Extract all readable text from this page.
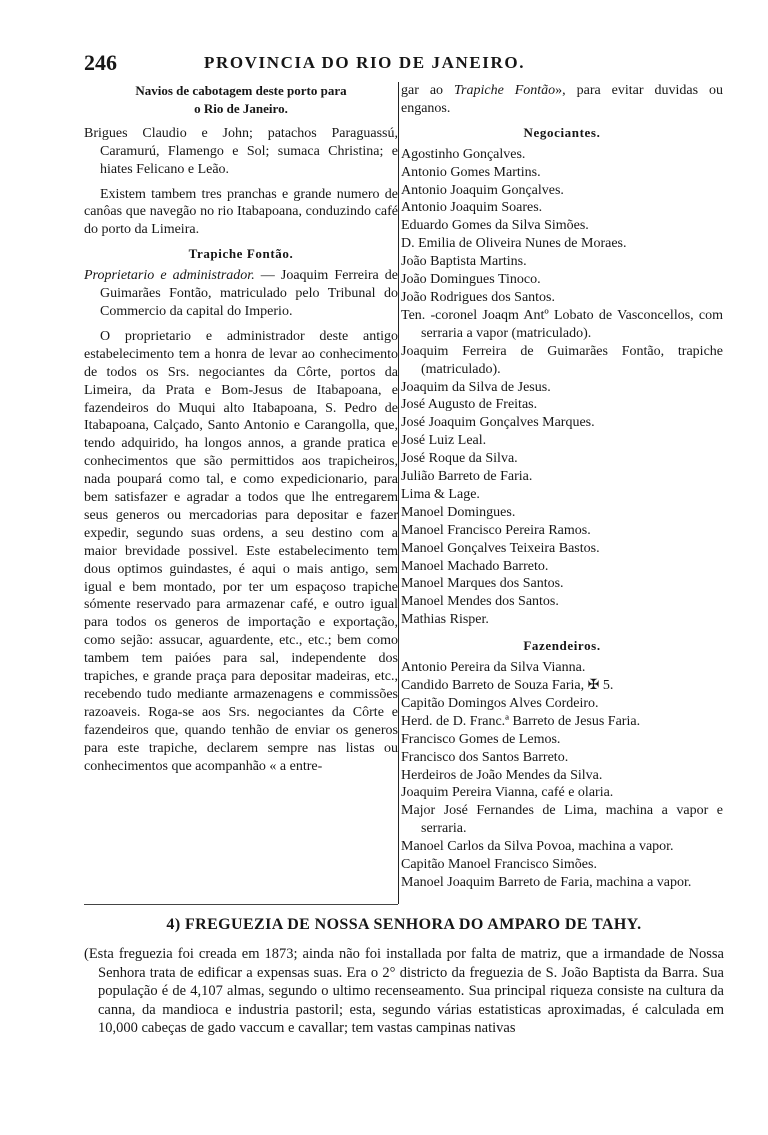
246	PROVINCIA DO RIO DE JANEIRO.
Navios de cabotagem deste porto para
o Rio de Janeiro.

Brigues Claudio e John; patachos Paraguassú, Caramurú, Flamengo e Sol; sumaca Christina; e hiates Felicano e Leão.

Existem tambem tres pranchas e grande numero de canôas que navegão no rio Itabapoana, conduzindo café do porto da Limeira.

Trapiche Fontão.

Proprietario e administrador. — Joaquim Ferreira de Guimarães Fontão, matriculado pelo Tribunal do Commercio da capital do Imperio.

O proprietario e administrador deste antigo estabelecimento tem a honra de levar ao conhecimento de todos os Srs. negociantes da Côrte, portos da Limeira, da Prata e Bom-Jesus de Itabapoana, e fazendeiros do Muqui alto Itabapoana, S. Pedro de Itabapoana, Calçado, Santo Antonio e Carangolla, que, tendo adquirido, ha longos annos, a grande pratica e conhecimentos que são permittidos aos trapicheiros, nada poupará como tal, e como expedicionario, para bem satisfazer e agradar a todos que lhe entregarem seus generos ou mercadorias para depositar e fazer expedir, segundo suas ordens, a seu destino com a maior brevidade possivel. Este estabelecimento tem dous optimos guindastes, é aqui o mais antigo, sem igual e bem montado, por ter um espaçoso trapiche sómente reservado para armazenar café, e outro igual para todos os generos de importação e exportação, como sejão: assucar, aguardente, etc., etc.; bem como tambem tem paióes para sal, independente dos trapiches, e grande praça para depositar madeiras, etc., recebendo tudo mediante armazenagens e commissões razoaveis. Roga-se aos Srs. negociantes da Côrte e fazendeiros que, quando tenhão de enviar os generos para este trapiche, declarem sempre nas listas ou conhecimentos que acompanhão « a entre-

gar ao Trapiche Fontão», para evitar duvidas ou enganos.

Negociantes.
Agostinho Gonçalves.
Antonio Gomes Martins.
Antonio Joaquim Gonçalves.
Antonio Joaquim Soares.
Eduardo Gomes da Silva Simões.
D. Emilia de Oliveira Nunes de Moraes.
João Baptista Martins.
João Domingues Tinoco.
João Rodrigues dos Santos.
Ten. -coronel Joaqm Antº Lobato de Vasconcellos, com serraria a vapor (matriculado).
Joaquim Ferreira de Guimarães Fontão, trapiche (matriculado).
Joaquim da Silva de Jesus.
José Augusto de Freitas.
José Joaquim Gonçalves Marques.
José Luiz Leal.
José Roque da Silva.
Julião Barreto de Faria.
Lima & Lage.
Manoel Domingues.
Manoel Francisco Pereira Ramos.
Manoel Gonçalves Teixeira Bastos.
Manoel Machado Barreto.
Manoel Marques dos Santos.
Manoel Mendes dos Santos.
Mathias Risper.
Fazendeiros.
Antonio Pereira da Silva Vianna.
Candido Barreto de Souza Faria, ✠ 5.
Capitão Domingos Alves Cordeiro.
Herd. de D. Franc.ª Barreto de Jesus Faria.
Francisco Gomes de Lemos.
Francisco dos Santos Barreto.
Herdeiros de João Mendes da Silva.
Joaquim Pereira Vianna, café e olaria.
Major José Fernandes de Lima, machina a vapor e serraria.
Manoel Carlos da Silva Povoa, machina a vapor.
Capitão Manoel Francisco Simões.
Manoel Joaquim Barreto de Faria, machina a vapor.
4) FREGUEZIA DE NOSSA SENHORA DO AMPARO DE TAHY.

(Esta freguezia foi creada em 1873; ainda não foi installada por falta de matriz, que a irmandade de Nossa Senhora trata de edificar a expensas suas. Era o 2° districto da freguezia de S. João Baptista da Barra. Sua população é de 4,107 almas, segundo o ultimo recenseamento. Sua principal riqueza consiste na cultura da canna, da mandioca e industria pastoril; esta, segundo várias estatisticas aproximadas, é calculada em 10,000 cabeças de gado vaccum e cavallar; tem vastas campinas nativas
